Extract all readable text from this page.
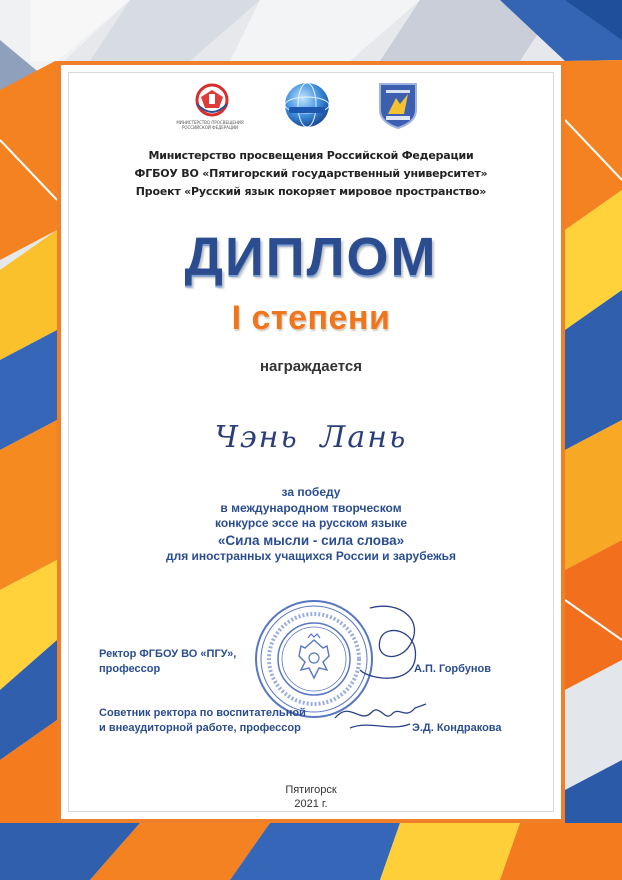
МИНИСТЕРСТВО ПРОСВЕЩЕНИЯ РОССИЙСКОЙ ФЕДЕРАЦИИ
Министерство просвещения Российской Федерации
ФГБОУ ВО «Пятигорский государственный университет»
Проект «Русский язык покоряет мировое пространство»
ДИПЛОМ
I степени
награждается
Чэнь Лань
за победу
в международном творческом
конкурсе эссе на русском языке
«Сила мысли - сила слова»
для иностранных учащихся России и зарубежья
Ректор ФГБОУ ВО «ПГУ»,
профессор	А.П. Горбунов
Советник ректора по воспитательной
и внеаудиторной работе, профессор	Э.Д. Кондракова
Пятигорск
2021 г.
